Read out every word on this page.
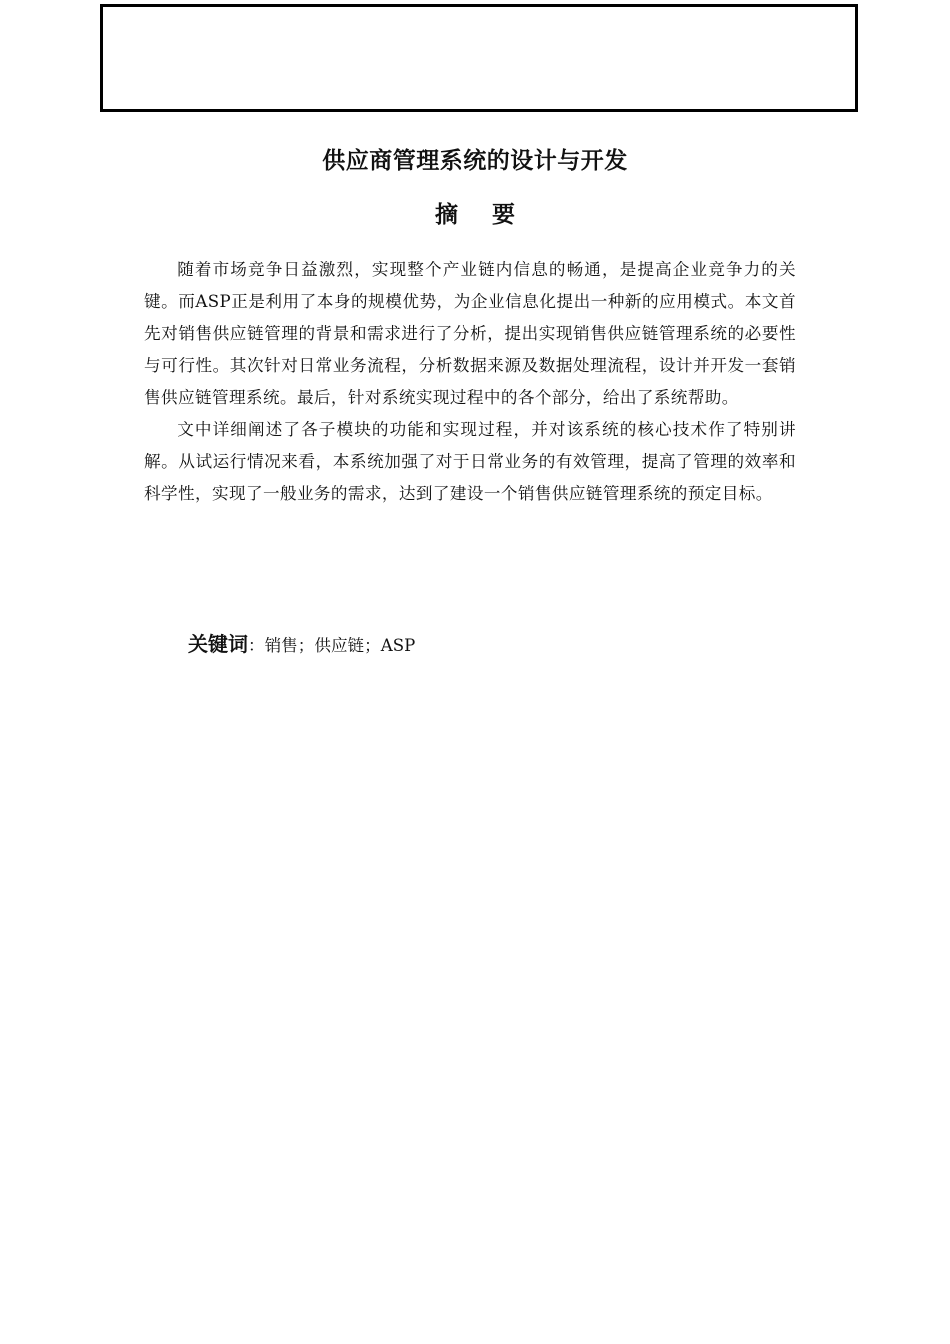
供应商管理系统的设计与开发
摘 要

随着市场竞争日益激烈，实现整个产业链内信息的畅通，是提高企业竞争力的关键。而ASP正是利用了本身的规模优势，为企业信息化提出一种新的应用模式。本文首先对销售供应链管理的背景和需求进行了分析，提出实现销售供应链管理系统的必要性与可行性。其次针对日常业务流程，分析数据来源及数据处理流程，设计并开发一套销售供应链管理系统。最后，针对系统实现过程中的各个部分，给出了系统帮助。

文中详细阐述了各子模块的功能和实现过程，并对该系统的核心技术作了特别讲解。从试运行情况来看，本系统加强了对于日常业务的有效管理，提高了管理的效率和科学性，实现了一般业务的需求，达到了建设一个销售供应链管理系统的预定目标。

关键词：销售；供应链；ASP
